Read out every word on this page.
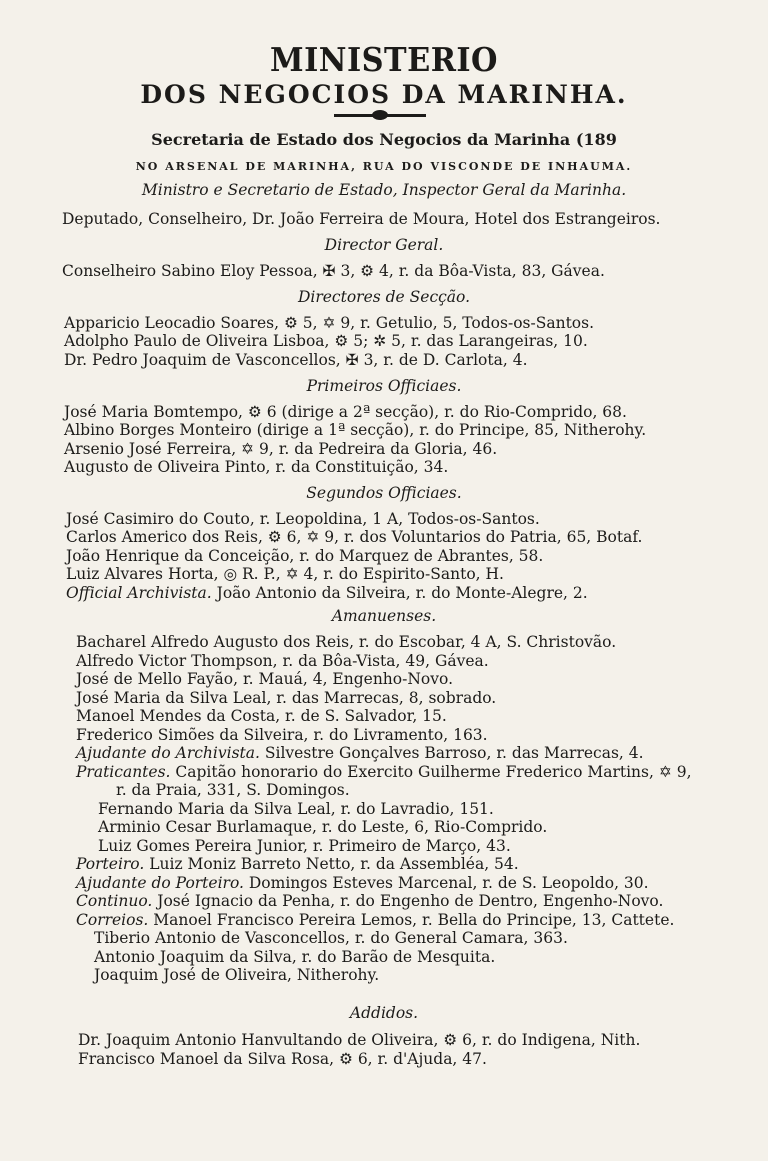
MINISTERIO
DOS NEGOCIOS DA MARINHA.
Secretaria de Estado dos Negocios da Marinha (189
NO ARSENAL DE MARINHA, RUA DO VISCONDE DE INHAUMA.
Ministro e Secretario de Estado, Inspector Geral da Marinha.
Deputado, Conselheiro, Dr. João Ferreira de Moura, Hotel dos Estrangeiros.
Director Geral.
Conselheiro Sabino Eloy Pessoa, ✠ 3, ⚙ 4, r. da Bôa-Vista, 83, Gávea.
Directores de Secção.
Apparicio Leocadio Soares, ⚙ 5, ✡ 9, r. Getulio, 5, Todos-os-Santos.
Adolpho Paulo de Oliveira Lisboa, ⚙ 5; ✲ 5, r. das Larangeiras, 10.
Dr. Pedro Joaquim de Vasconcellos, ✠ 3, r. de D. Carlota, 4.
Primeiros Officiaes.
José Maria Bomtempo, ⚙ 6 (dirige a 2ª secção), r. do Rio-Comprido, 68.
Albino Borges Monteiro (dirige a 1ª secção), r. do Principe, 85, Nitherohy.
Arsenio José Ferreira, ✡ 9, r. da Pedreira da Gloria, 46.
Augusto de Oliveira Pinto, r. da Constituição, 34.
Segundos Officiaes.
José Casimiro do Couto, r. Leopoldina, 1 A, Todos-os-Santos.
Carlos Americo dos Reis, ⚙ 6, ✡ 9, r. dos Voluntarios do Patria, 65, Botaf.
João Henrique da Conceição, r. do Marquez de Abrantes, 58.
Luiz Alvares Horta, ◎ R. P., ✡ 4, r. do Espirito-Santo, H.
Official Archivista. João Antonio da Silveira, r. do Monte-Alegre, 2.
Amanuenses.
Bacharel Alfredo Augusto dos Reis, r. do Escobar, 4 A, S. Christovão.
Alfredo Victor Thompson, r. da Bôa-Vista, 49, Gávea.
José de Mello Fayão, r. Mauá, 4, Engenho-Novo.
José Maria da Silva Leal, r. das Marrecas, 8, sobrado.
Manoel Mendes da Costa, r. de S. Salvador, 15.
Frederico Simões da Silveira, r. do Livramento, 163.
Ajudante do Archivista. Silvestre Gonçalves Barroso, r. das Marrecas, 4.
Praticantes. Capitão honorario do Exercito Guilherme Frederico Martins, ✡ 9,
r. da Praia, 331, S. Domingos.
Fernando Maria da Silva Leal, r. do Lavradio, 151.
Arminio Cesar Burlamaque, r. do Leste, 6, Rio-Comprido.
Luiz Gomes Pereira Junior, r. Primeiro de Março, 43.
Porteiro. Luiz Moniz Barreto Netto, r. da Assembléa, 54.
Ajudante do Porteiro. Domingos Esteves Marcenal, r. de S. Leopoldo, 30.
Continuo. José Ignacio da Penha, r. do Engenho de Dentro, Engenho-Novo.
Correios. Manoel Francisco Pereira Lemos, r. Bella do Principe, 13, Cattete.
Tiberio Antonio de Vasconcellos, r. do General Camara, 363.
Antonio Joaquim da Silva, r. do Barão de Mesquita.
Joaquim José de Oliveira, Nitherohy.
Addidos.
Dr. Joaquim Antonio Hanvultando de Oliveira, ⚙ 6, r. do Indigena, Nith.
Francisco Manoel da Silva Rosa, ⚙ 6, r. d'Ajuda, 47.
